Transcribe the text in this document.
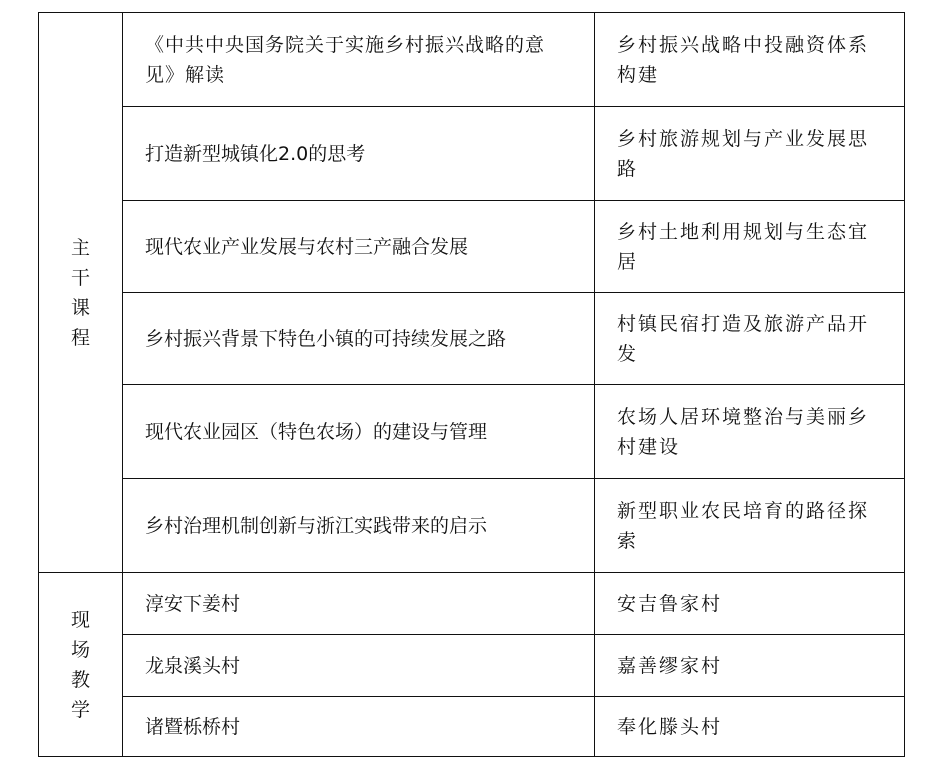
主干课程	《中共中央国务院关于实施乡村振兴战略的意见》解读	乡村振兴战略中投融资体系构建

	打造新型城镇化2.0的思考	乡村旅游规划与产业发展思路

	现代农业产业发展与农村三产融合发展	乡村土地利用规划与生态宜居

	乡村振兴背景下特色小镇的可持续发展之路	村镇民宿打造及旅游产品开发

	现代农业园区（特色农场）的建设与管理	农场人居环境整治与美丽乡村建设

	乡村治理机制创新与浙江实践带来的启示	新型职业农民培育的路径探索

现场教学	淳安下姜村	安吉鲁家村

	龙泉溪头村	嘉善缪家村

	诸暨栎桥村	奉化滕头村
